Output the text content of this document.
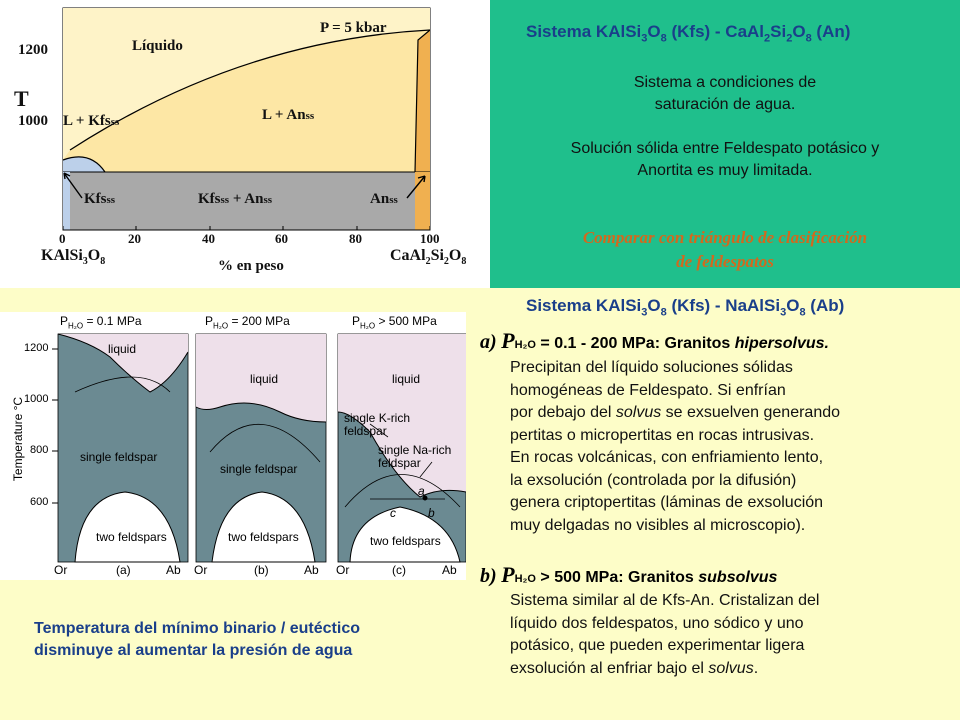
P = 5 kbar
Líquido
1200
T
1000 L + Kfsss	L + Anss
Kfsss	Kfsss + Anss	Anss
0	20	40	60	80	100
$KAlSi_3O_8$	$CaAl_2Si_2O_8$
% en peso
Sistema $KAlSi_3O_8$ $(Kfs) - CaAl_2Si_2O_8$ (An)
Sistema a condiciones de saturación de agua.
Solución sólida entre Feldespato potásico y Anortita es muy limitada.
Comparar con triángulo de clasificación de feldespatos
$P_{H_2O} = 0.1$ MPa	$P_{H_2O} = 200$ MPa	$P_{H_2O} > 500$ MPa
Temperature °C
1200
1000
800
600
liquid
liquid	liquid
single feldspar
single feldspar
single K-rich
feldspar
single Na-rich
feldspar
two feldspars	two feldspars	two feldspars
a
b
c
Or	Ab
(a)	Or	Ab
(b)	Or	Ab
(c)
Temperatura del mínimo binario / eutéctico disminuye al aumentar la presión de agua
Sistema $KAlSi_3O_8$ $(Kfs) - NaAlSi_3O_8$ (Ab)
a) PH₂O = 0.1 - 200 MPa: Granitos hipersolvus.
Precipitan del líquido soluciones sólidas
homogéneas de Feldespato. Si enfrían
por debajo del solvus se exsuelven generando
pertitas o micropertitas en rocas intrusivas.
En rocas volcánicas, con enfriamiento lento,
la exsolución (controlada por la difusión)
genera criptopertitas (láminas de exsolución
muy delgadas no visibles al microscopio).
b) PH₂O > 500 MPa: Granitos subsolvus
Sistema similar al de Kfs-An. Cristalizan del
líquido dos feldespatos, uno sódico y uno
potásico, que pueden experimentar ligera
exsolución al enfriar bajo el solvus.
